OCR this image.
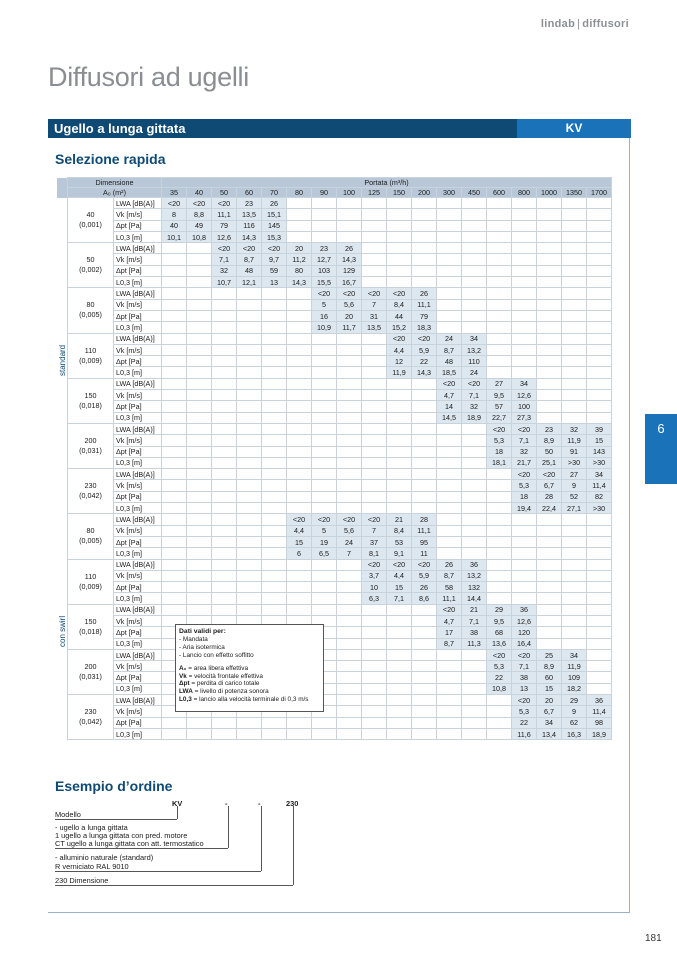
lindab | diffusori
Diffusori ad ugelli
Ugello a lunga gittata	KV
Selezione rapida
	Dimensione		Portata (m³/h)																	
	A₀ (m²)		35	40	50	60	70	80	90	100	125	150	200	300	450	600	800	1000	1350	1700

	40
(0,001)	LWA [dB(A)]	<20	<20	<20	23	26													
		Vk [m/s]	8	8,8	11,1	13,5	15,1													
		Δpt [Pa]	40	49	79	116	145													
		L0,3 [m]	10,1	10,8	12,6	14,3	15,3													

	50
(0,002)	LWA [dB(A)]			<20	<20	<20	20	23	26										
		Vk [m/s]			7,1	8,7	9,7	11,2	12,7	14,3										
		Δpt [Pa]			32	48	59	80	103	129										
		L0,3 [m]			10,7	12,1	13	14,3	15,5	16,7										

	80
(0,005)	LWA [dB(A)]							<20	<20	<20	<20	26							
		Vk [m/s]							5	5,6	7	8,4	11,1							
		Δpt [Pa]							16	20	31	44	79							
		L0,3 [m]							10,9	11,7	13,5	15,2	18,3							

	110
(0,009)	LWA [dB(A)]										<20	<20	24	34					
		Vk [m/s]										4,4	5,9	8,7	13,2					
		Δpt [Pa]										12	22	48	110					
		L0,3 [m]										11,9	14,3	18,5	24					

	150
(0,018)	LWA [dB(A)]												<20	<20	27	34			
		Vk [m/s]												4,7	7,1	9,5	12,6			
		Δpt [Pa]												14	32	57	100			
		L0,3 [m]												14,5	18,9	22,7	27,3			

	200
(0,031)	LWA [dB(A)]														<20	<20	23	32	39
		Vk [m/s]														5,3	7,1	8,9	11,9	15
		Δpt [Pa]														18	32	50	91	143
		L0,3 [m]														18,1	21,7	25,1	>30	>30

	230
(0,042)	LWA [dB(A)]															<20	<20	27	34
		Vk [m/s]															5,3	6,7	9	11,4
		Δpt [Pa]															18	28	52	82
		L0,3 [m]															19,4	22,4	27,1	>30

	80
(0,005)	LWA [dB(A)]						<20	<20	<20	<20	21	28							
		Vk [m/s]						4,4	5	5,6	7	8,4	11,1							
		Δpt [Pa]						15	19	24	37	53	95							
		L0,3 [m]						6	6,5	7	8,1	9,1	11							

	110
(0,009)	LWA [dB(A)]									<20	<20	<20	26	36					
		Vk [m/s]									3,7	4,4	5,9	8,7	13,2					
		Δpt [Pa]									10	15	26	58	132					
		L0,3 [m]									6,3	7,1	8,6	11,1	14,4					

	150
(0,018)	LWA [dB(A)]												<20	21	29	36			
		Vk [m/s]												4,7	7,1	9,5	12,6			
		Δpt [Pa]												17	38	68	120			
		L0,3 [m]												8,7	11,3	13,6	16,4			

	200
(0,031)	LWA [dB(A)]														<20	<20	25	34	
		Vk [m/s]														5,3	7,1	8,9	11,9	
		Δpt [Pa]														22	38	60	109	
		L0,3 [m]														10,8	13	15	18,2	

	230
(0,042)	LWA [dB(A)]															<20	20	29	36
		Vk [m/s]															5,3	6,7	9	11,4
		Δpt [Pa]															22	34	62	98
		L0,3 [m]															11,6	13,4	16,3	18,9
standard
con swirl	Dati validi per:
- Mandata
- Aria isotermica
- Lancio con effetto soffitto
A₀ = area libera effettiva
Vk = velocità frontale effettiva
Δpt = perdita di carico totale
LWA = livello di potenza sonora
L0,3 = lancio alla velocità terminale di 0,3 m/s
Esempio d’ordine
KV	-	-	230
Modello
- ugello a lunga gittata
1 ugello a lunga gittata con pred. motore
CT ugello a lunga gittata con att. termostatico
- alluminio naturale (standard)
R verniciato RAL 9010
230 Dimensione
6
181
